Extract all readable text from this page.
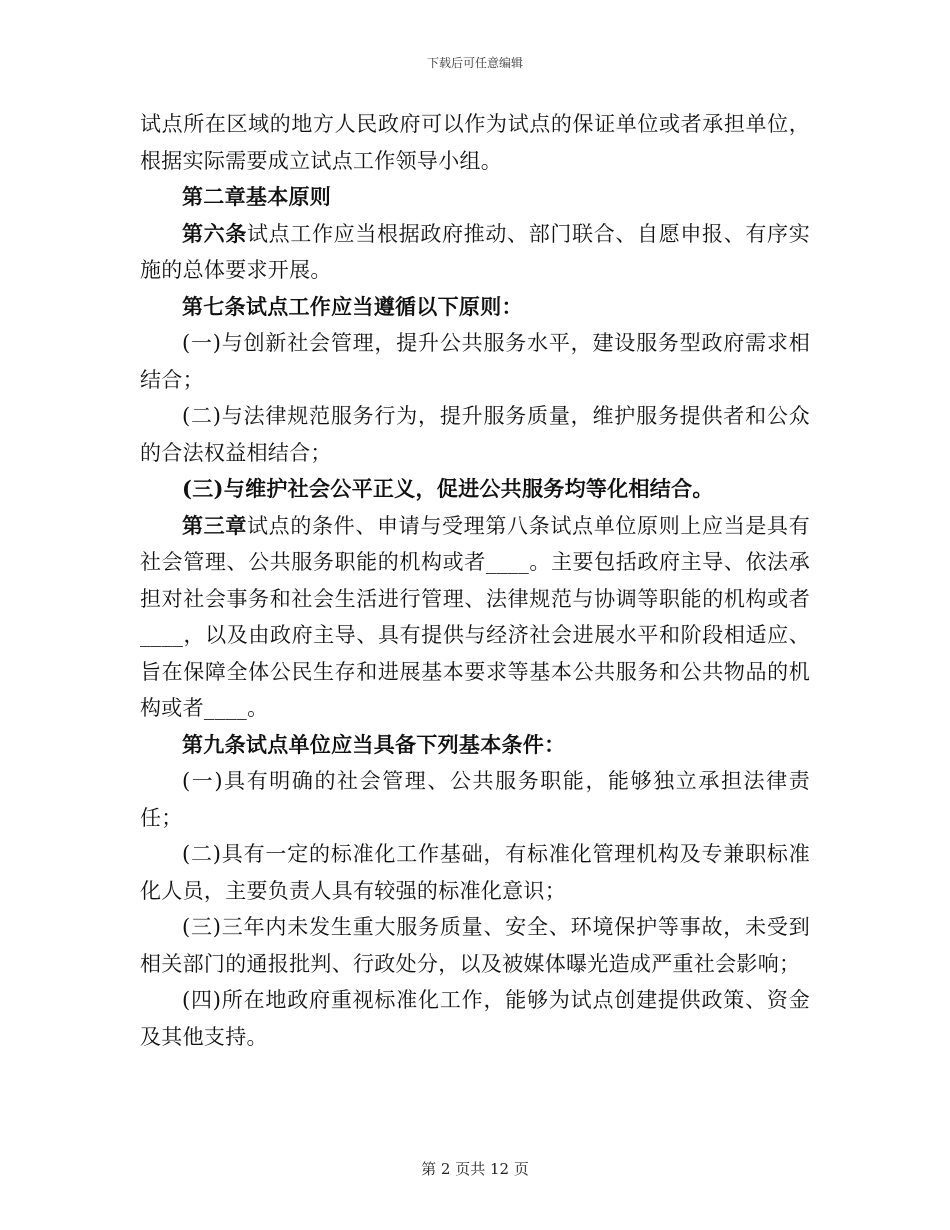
下载后可任意编辑

试点所在区域的地方人民政府可以作为试点的保证单位或者承担单位，根据实际需要成立试点工作领导小组。

第二章基本原则

第六条试点工作应当根据政府推动、部门联合、自愿申报、有序实施的总体要求开展。

第七条试点工作应当遵循以下原则：

(一)与创新社会管理，提升公共服务水平，建设服务型政府需求相结合；

(二)与法律规范服务行为，提升服务质量，维护服务提供者和公众的合法权益相结合；

(三)与维护社会公平正义，促进公共服务均等化相结合。

第三章试点的条件、申请与受理第八条试点单位原则上应当是具有社会管理、公共服务职能的机构或者____。主要包括政府主导、依法承担对社会事务和社会生活进行管理、法律规范与协调等职能的机构或者____，以及由政府主导、具有提供与经济社会进展水平和阶段相适应、旨在保障全体公民生存和进展基本要求等基本公共服务和公共物品的机构或者____。

第九条试点单位应当具备下列基本条件：

(一)具有明确的社会管理、公共服务职能，能够独立承担法律责任；

(二)具有一定的标准化工作基础，有标准化管理机构及专兼职标准化人员，主要负责人具有较强的标准化意识；

(三)三年内未发生重大服务质量、安全、环境保护等事故，未受到相关部门的通报批判、行政处分，以及被媒体曝光造成严重社会影响；

(四)所在地政府重视标准化工作，能够为试点创建提供政策、资金及其他支持。

第 2 页共 12 页
